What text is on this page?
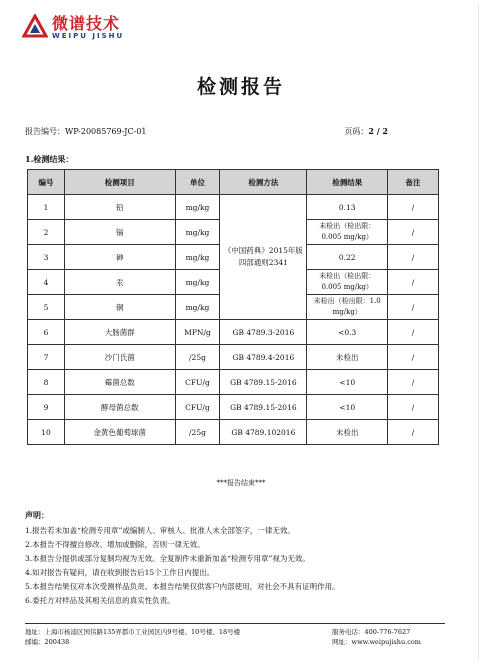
微谱技术
WEIPU JISHU
检测报告
报告编号：WP-20085769-JC-01	页码：2 / 2
1.检测结果：
编号	检测项目	单位	检测方法	检测结果	备注
1	铅	mg/kg	《中国药典》2015年版四部通则2341	0.13	/
2	镉	mg/kg		未检出（检出限：0.005 mg/kg）	/
3	砷	mg/kg		0.22	/
4	汞	mg/kg		未检出（检出限：0.005 mg/kg）	/
5	铜	mg/kg		未检出（检出限：1.0 mg/kg）	/
6	大肠菌群	MPN/g	GB 4789.3-2016	<0.3	/
7	沙门氏菌	/25g	GB 4789.4-2016	未检出	/
8	霉菌总数	CFU/g	GB 4789.15-2016	<10	/
9	酵母菌总数	CFU/g	GB 4789.15-2016	<10	/
10	金黄色葡萄球菌	/25g	GB 4789.102016	未检出	/
***报告结束***
声明：
1.报告若未加盖“检测专用章”或编制人、审核人、批准人未全部签字，一律无效。
2.本报告不得擅自修改、增加或删除，否则一律无效。
3.本报告分提供或部分复制均视为无效。全复制件未重新加盖“检测专用章”视为无效。
4.如对报告有疑问，请在收到报告后15个工作日内提出。
5.本报告结果仅对本次受测样品负责。本报告结果仅供客户内部使用，对社会不具有证明作用。
6.委托方对样品及其相关信息的真实性负责。
地址：上海市杨浦区国伟路135弄都市工业园区内9号楼、10号楼、18号楼
邮编：200438
服务电话：400-776-7627
网址：www.weipujishu.com
